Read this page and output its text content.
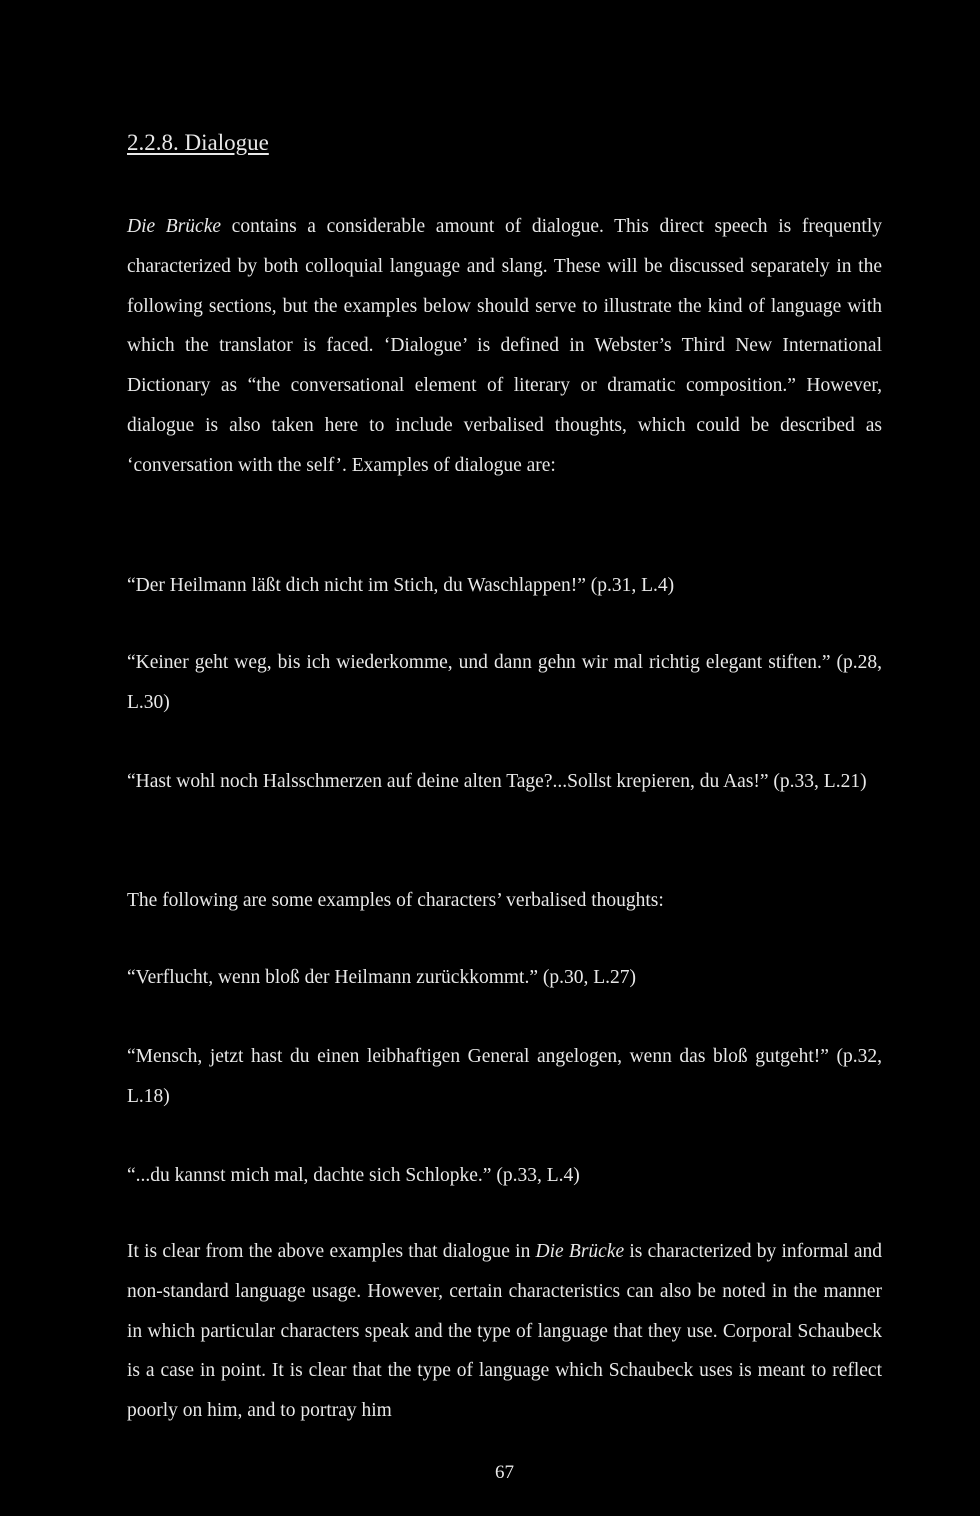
2.2.8. Dialogue

Die Brücke contains a considerable amount of dialogue. This direct speech is frequently characterized by both colloquial language and slang. These will be discussed separately in the following sections, but the examples below should serve to illustrate the kind of language with which the translator is faced. ‘Dialogue’ is defined in Webster’s Third New International Dictionary as “the conversational element of literary or dramatic composition.” However, dialogue is also taken here to include verbalised thoughts, which could be described as ‘conversation with the self’. Examples of dialogue are:

“Der Heilmann läßt dich nicht im Stich, du Waschlappen!” (p.31, L.4)

“Keiner geht weg, bis ich wiederkomme, und dann gehn wir mal richtig elegant stiften.” (p.28, L.30)

“Hast wohl noch Halsschmerzen auf deine alten Tage?...Sollst krepieren, du Aas!” (p.33, L.21)

The following are some examples of characters’ verbalised thoughts:

“Verflucht, wenn bloß der Heilmann zurückkommt.” (p.30, L.27)

“Mensch, jetzt hast du einen leibhaftigen General angelogen, wenn das bloß gutgeht!” (p.32, L.18)

“...du kannst mich mal, dachte sich Schlopke.” (p.33, L.4)

It is clear from the above examples that dialogue in Die Brücke is characterized by informal and non-standard language usage. However, certain characteristics can also be noted in the manner in which particular characters speak and the type of language that they use. Corporal Schaubeck is a case in point. It is clear that the type of language which Schaubeck uses is meant to reflect poorly on him, and to portray him

67
